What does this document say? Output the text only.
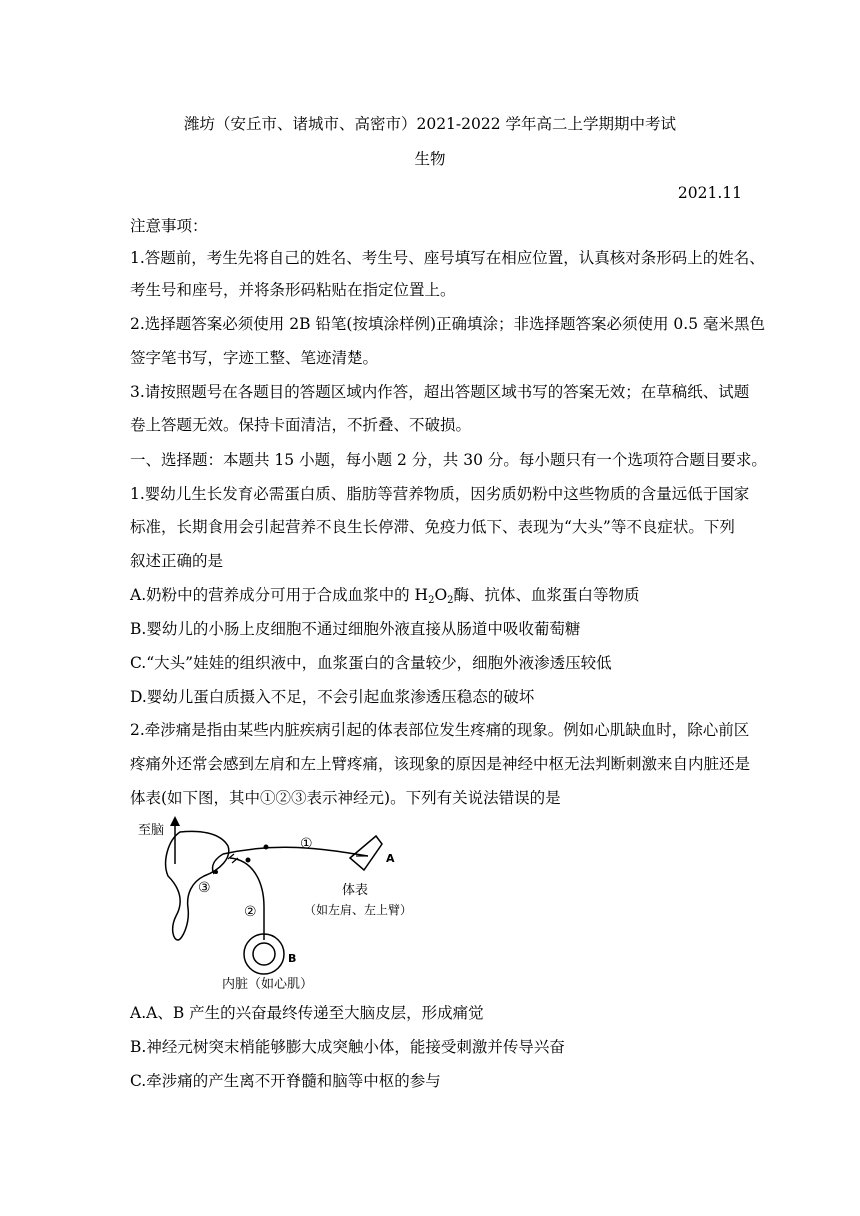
潍坊（安丘市、诸城市、高密市）2021-2022 学年高二上学期期中考试
生物
2021.11
注意事项：
1.答题前，考生先将自己的姓名、考生号、座号填写在相应位置，认真核对条形码上的姓名、
考生号和座号，并将条形码粘贴在指定位置上。
2.选择题答案必须使用 2B 铅笔(按填涂样例)正确填涂；非选择题答案必须使用 0.5 毫米黑色
签字笔书写，字迹工整、笔迹清楚。
3.请按照题号在各题目的答题区域内作答，超出答题区域书写的答案无效；在草稿纸、试题
卷上答题无效。保持卡面清洁，不折叠、不破损。
一、选择题：本题共 15 小题，每小题 2 分，共 30 分。每小题只有一个选项符合题目要求。
1.婴幼儿生长发育必需蛋白质、脂肪等营养物质，因劣质奶粉中这些物质的含量远低于国家
标准，长期食用会引起营养不良生长停滞、免疫力低下、表现为“大头”等不良症状。下列
叙述正确的是
A.奶粉中的营养成分可用于合成血浆中的 $H_2O_2$酶、抗体、血浆蛋白等物质
B.婴幼儿的小肠上皮细胞不通过细胞外液直接从肠道中吸收葡萄糖
C.“大头”娃娃的组织液中，血浆蛋白的含量较少，细胞外液渗透压较低
D.婴幼儿蛋白质摄入不足，不会引起血浆渗透压稳态的破坏
2.牵涉痛是指由某些内脏疾病引起的体表部位发生疼痛的现象。例如心肌缺血时，除心前区
疼痛外还常会感到左肩和左上臂疼痛，该现象的原因是神经中枢无法判断刺激来自内脏还是
体表(如下图，其中①②③表示神经元)。下列有关说法错误的是
至脑
①
②
③
A
体表
（如左肩、左上臂）
B
内脏（如心肌）
A.A、B 产生的兴奋最终传递至大脑皮层，形成痛觉
B.神经元树突末梢能够膨大成突触小体，能接受刺激并传导兴奋
C.牵涉痛的产生离不开脊髓和脑等中枢的参与
